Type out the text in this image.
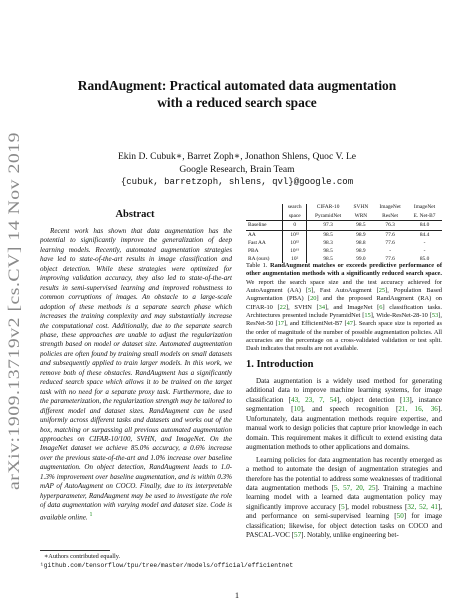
arXiv:1909.13719v2 [cs.CV] 14 Nov 2019
RandAugment: Practical automated data augmentation
with a reduced search space
Ekin D. Cubuk∗, Barret Zoph∗, Jonathon Shlens, Quoc V. Le
Google Research, Brain Team
{cubuk, barretzoph, shlens, qvl}@google.com
Abstract

Recent work has shown that data augmentation has the potential to significantly improve the generalization of deep learning models. Recently, automated augmentation strategies have led to state-of-the-art results in image classification and object detection. While these strategies were optimized for improving validation accuracy, they also led to state-of-the-art results in semi-supervised learning and improved robustness to common corruptions of images. An obstacle to a large-scale adoption of these methods is a separate search phase which increases the training complexity and may substantially increase the computational cost. Additionally, due to the separate search phase, these approaches are unable to adjust the regularization strength based on model or dataset size. Automated augmentation policies are often found by training small models on small datasets and subsequently applied to train larger models. In this work, we remove both of these obstacles. RandAugment has a significantly reduced search space which allows it to be trained on the target task with no need for a separate proxy task. Furthermore, due to the parameterization, the regularization strength may be tailored to different model and dataset sizes. RandAugment can be used uniformly across different tasks and datasets and works out of the box, matching or surpassing all previous automated augmentation approaches on CIFAR-10/100, SVHN, and ImageNet. On the ImageNet dataset we achieve 85.0% accuracy, a 0.6% increase over the previous state-of-the-art and 1.0% increase over baseline augmentation. On object detection, RandAugment leads to 1.0-1.3% improvement over baseline augmentation, and is within 0.3% mAP of AutoAugment on COCO. Finally, due to its interpretable hyperparameter, RandAugment may be used to investigate the role of data augmentation with varying model and dataset size. Code is available online. $^1$

∗Authors contributed equally.
¹github.com/tensorflow/tpu/tree/master/models/official/efficientnet
	search	CIFAR-10	SVHN	ImageNet	ImageNet
	space	PyramidNet	WRN	ResNet	E. Net-B7
Baseline	0	97.3	98.5	76.3	84.0
AA	10³²	98.5	98.9	77.6	84.4
Fast AA	10³²	98.3	98.8	77.6	-
PBA	10⁶¹	98.5	98.9	-	-
RA (ours)	10²	98.5	99.0	77.6	85.0

Table 1. RandAugment matches or exceeds predictive performance of other augmentation methods with a significantly reduced search space. We report the search space size and the test accuracy achieved for AutoAugment (AA) [5], Fast AutoAugment [25], Population Based Augmentation (PBA) [20] and the proposed RandAugment (RA) on CIFAR-10 [22], SVHN [34], and ImageNet [6] classification tasks. Architectures presented include PyramidNet [15], Wide-ResNet-28-10 [53], ResNet-50 [17], and EfficientNet-B7 [47]. Search space size is reported as the order of magnitude of the number of possible augmentation policies. All accuracies are the percentage on a cross-validated validation or test split. Dash indicates that results are not available.

1. Introduction

Data augmentation is a widely used method for generating additional data to improve machine learning systems, for image classification [43, 23, 7, 54], object detection [13], instance segmentation [10], and speech recognition [21, 16, 36]. Unfortunately, data augmentation methods require expertise, and manual work to design policies that capture prior knowledge in each domain. This requirement makes it difficult to extend existing data augmentation methods to other applications and domains.

Learning policies for data augmentation has recently emerged as a method to automate the design of augmentation strategies and therefore has the potential to address some weaknesses of traditional data augmentation methods [5, 57, 20, 25]. Training a machine learning model with a learned data augmentation policy may significantly improve accuracy [5], model robustness [32, 52, 41], and performance on semi-supervised learning [50] for image classification; likewise, for object detection tasks on COCO and PASCAL-VOC [57]. Notably, unlike engineering bet-

1
